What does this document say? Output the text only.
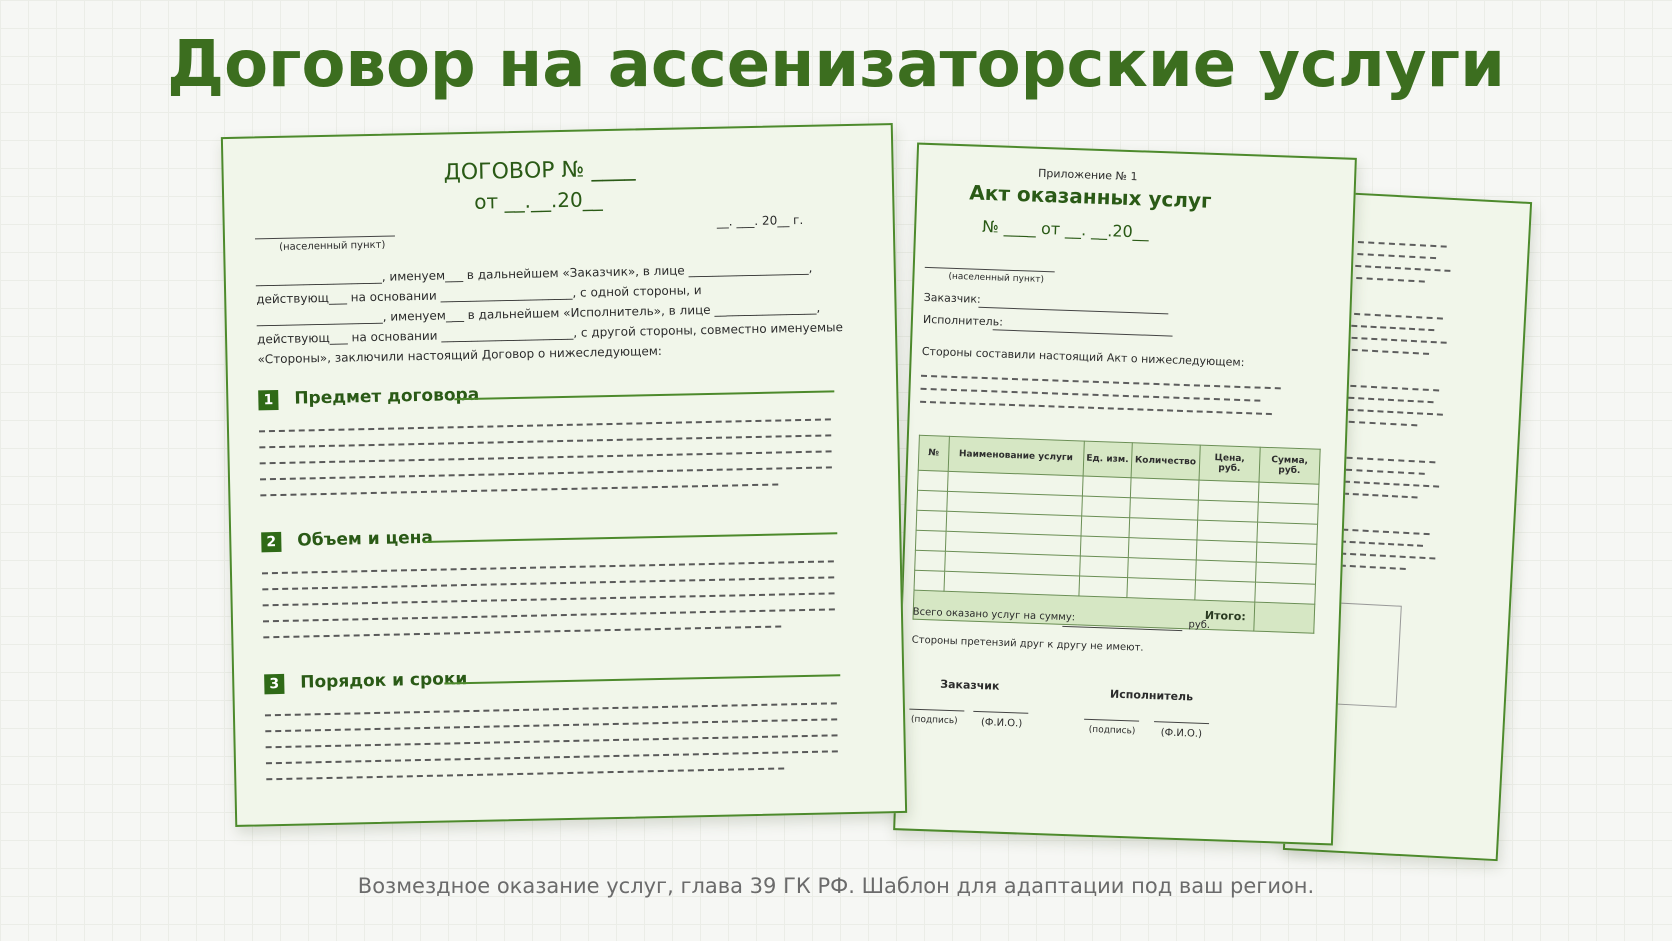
Договор на ассенизаторские услуги
Приложение № 1
Акт оказанных услуг
№ ____ от __. __.20__
(населенный пункт)
Заказчик:
Исполнитель:
Стороны составили настоящий Акт о нижеследующем:
№	Наименование услуги	Ед. изм.	Количество	Цена, руб.	Сумма, руб.

Итого:					
Всего оказано услуг на сумму:
руб.
Стороны претензий друг к другу не имеют.
Заказчик
Исполнитель
(подпись) (Ф.И.О.)
(подпись) (Ф.И.О.)
ДОГОВОР № ____
от __.__.20__
(населенный пункт)
__. ___. 20__ г.
_____________________, именуем___ в дальнейшем «Заказчик», в лице ____________________,
действующ___ на основании ______________________, с одной стороны, и
_____________________, именуем___ в дальнейшем «Исполнитель», в лице _________________,
действующ___ на основании ______________________, с другой стороны, совместно именуемые
«Стороны», заключили настоящий Договор о нижеследующем:
1	Предмет договора
2	Объем и цена
3	Порядок и сроки
Возмездное оказание услуг, глава 39 ГК РФ. Шаблон для адаптации под ваш регион.
